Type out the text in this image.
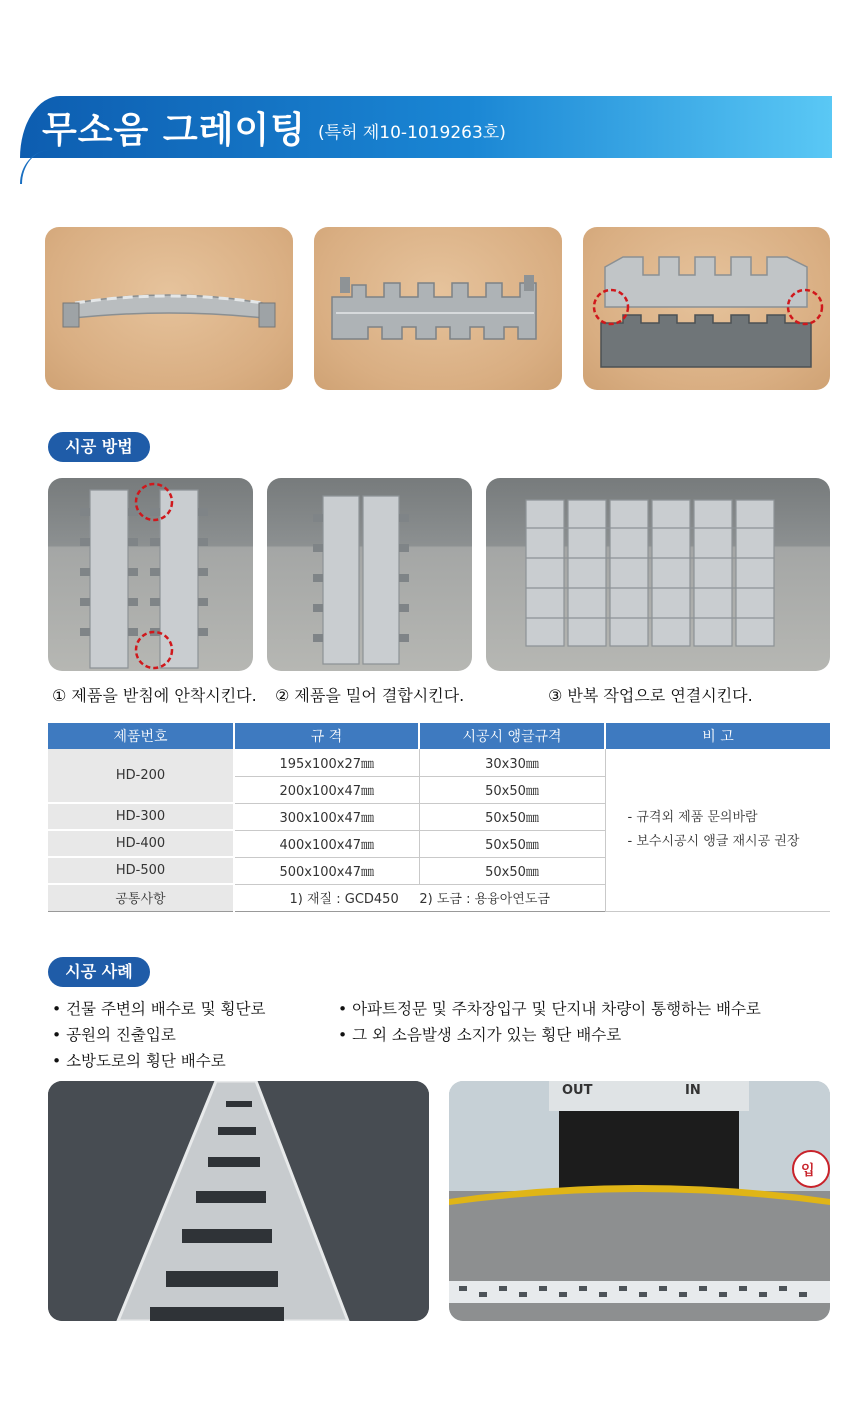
무소음 그레이팅 (특허 제10-1019263호)
시공 방법
① 제품을 받침에 안착시킨다. ② 제품을 밀어 결합시킨다.	③ 반복 작업으로 연결시킨다.
제품번호	규 격	시공시 앵글규격	비 고
HD-200	195x100x27㎜	30x30㎜	- 규격외 제품 문의바람
- 보수시공시 앵글 재시공 권장

	200x100x47㎜	50x50㎜	
HD-300	300x100x47㎜	50x50㎜	
HD-400	400x100x47㎜	50x50㎜	
HD-500	500x100x47㎜	50x50㎜	
공통사항	1) 재질 : GCD450     2) 도금 : 용융아연도금		
시공 사례
• 건물 주변의 배수로 및 횡단로
• 공원의 진출입로
• 소방도로의 횡단 배수로
• 아파트정문 및 주차장입구 및 단지내 차량이 통행하는 배수로
• 그 외 소음발생 소지가 있는 횡단 배수로
OUT	IN
입
